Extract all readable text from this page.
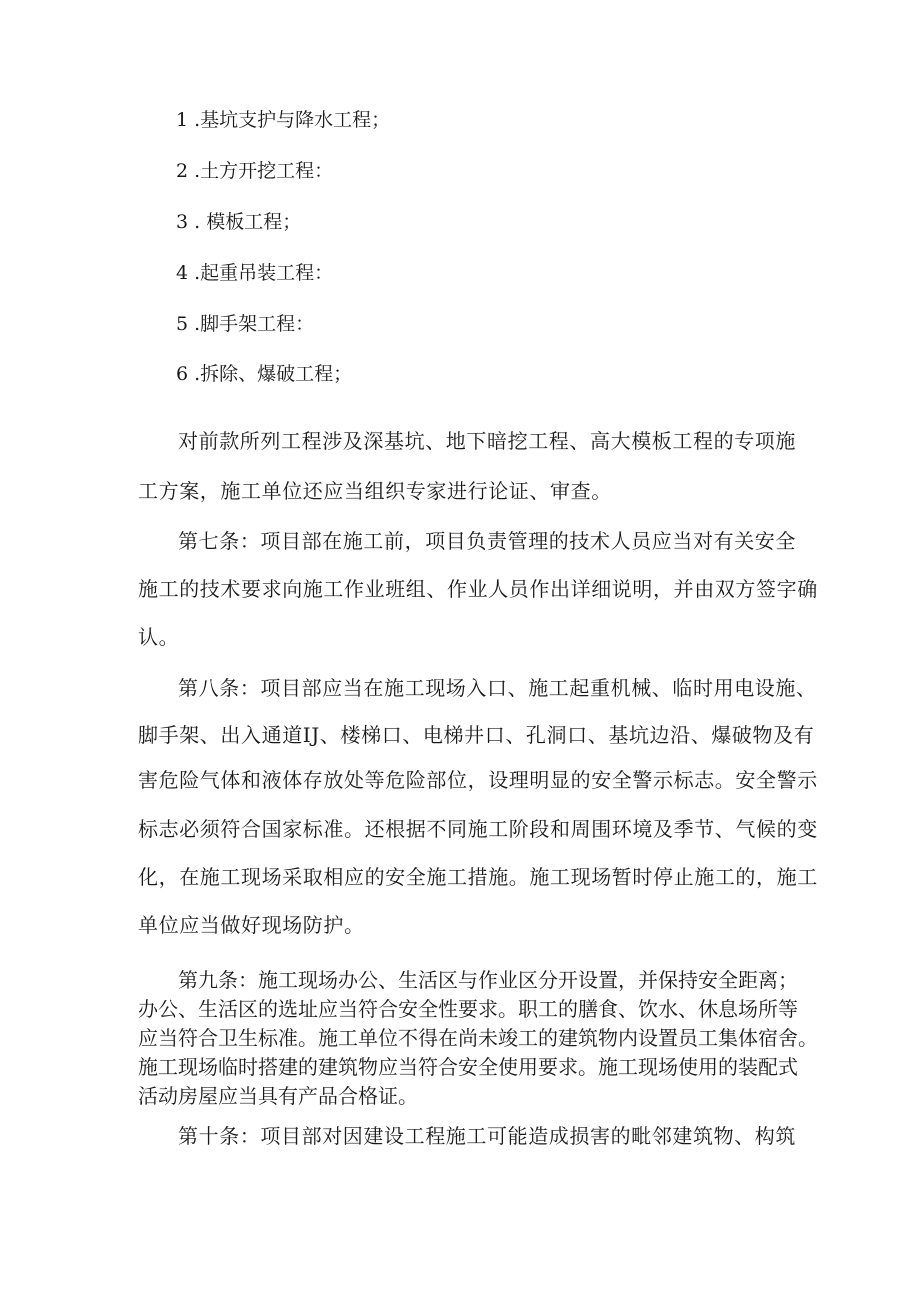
1 .基坑支护与降水工程；
2 .土方开挖工程：
3 . 模板工程；
4 .起重吊装工程：
5 .脚手架工程：
6 .拆除、爆破工程；
对前款所列工程涉及深基坑、地下暗挖工程、高大模板工程的专项施
工方案，施工单位还应当组织专家进行论证、审查。
第七条：项目部在施工前，项目负责管理的技术人员应当对有关安全
施工的技术要求向施工作业班组、作业人员作出详细说明，并由双方签字确
认。
第八条：项目部应当在施工现场入口、施工起重机械、临时用电设施、
脚手架、出入通道IJ、楼梯口、电梯井口、孔洞口、基坑边沿、爆破物及有
害危险气体和液体存放处等危险部位，设理明显的安全警示标志。安全警示
标志必须符合国家标准。还根据不同施工阶段和周围环境及季节、气候的变
化，在施工现场采取相应的安全施工措施。施工现场暂时停止施工的，施工
单位应当做好现场防护。
第九条：施工现场办公、生活区与作业区分开设置，并保持安全距离；
办公、生活区的选址应当符合安全性要求。职工的膳食、饮水、休息场所等
应当符合卫生标准。施工单位不得在尚未竣工的建筑物内设置员工集体宿舍。
施工现场临时搭建的建筑物应当符合安全使用要求。施工现场使用的装配式
活动房屋应当具有产品合格证。
第十条：项目部对因建设工程施工可能造成损害的毗邻建筑物、构筑
